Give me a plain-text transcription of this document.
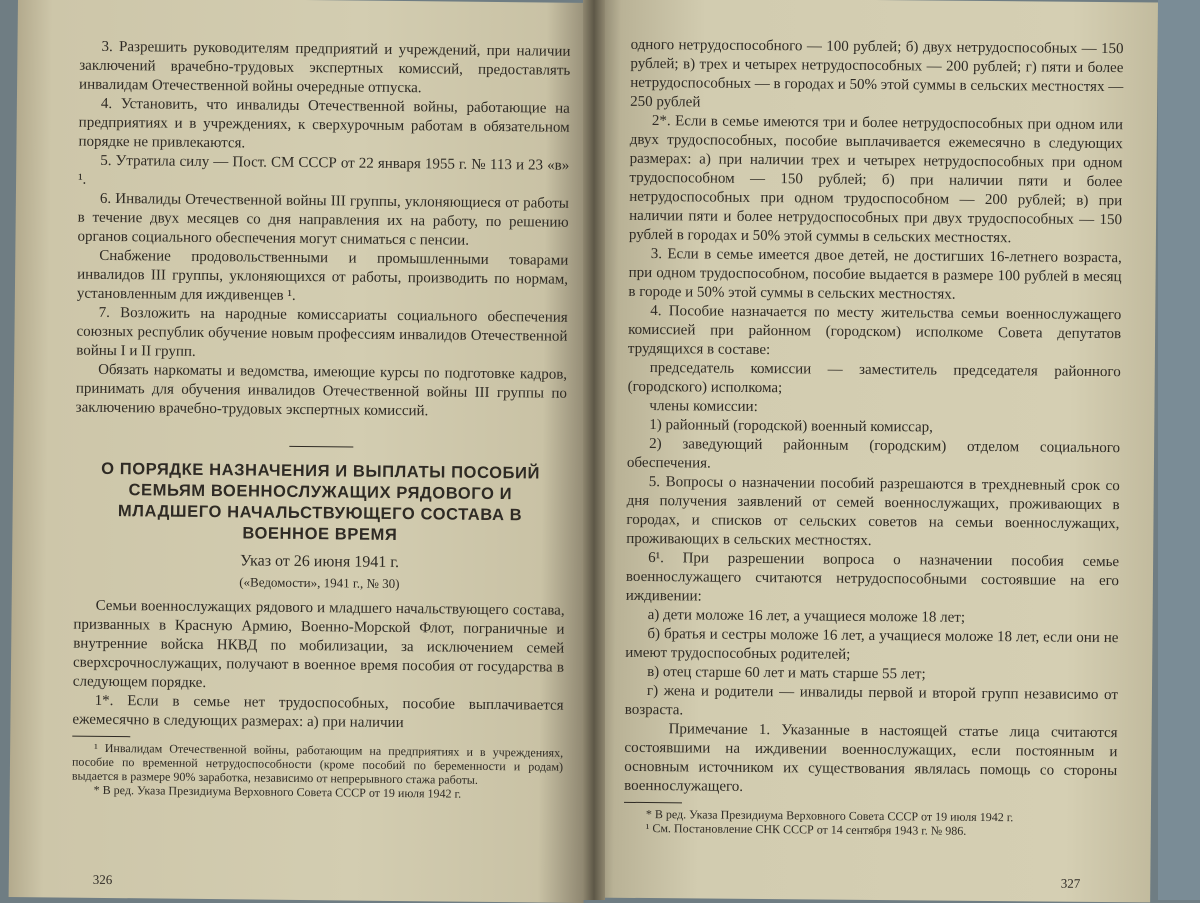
3. Разрешить руководителям предприятий и учреждений, при наличии заключений врачебно-трудовых экспертных комиссий, предоставлять инвалидам Отечественной войны очередные отпуска.

4. Установить, что инвалиды Отечественной войны, работающие на предприятиях и в учреждениях, к сверхурочным работам в обязательном порядке не привлекаются.

5. Утратила силу — Пост. СМ СССР от 22 января 1955 г. № 113 и 23 «в» ¹.

6. Инвалиды Отечественной войны III группы, уклоняющиеся от работы в течение двух месяцев со дня направления их на работу, по решению органов социального обеспечения могут сниматься с пенсии.

Снабжение продовольственными и промышленными товарами инвалидов III группы, уклоняющихся от работы, производить по нормам, установленным для иждивенцев ¹.

7. Возложить на народные комиссариаты социального обеспечения союзных республик обучение новым профессиям инвалидов Отечественной войны I и II групп.

Обязать наркоматы и ведомства, имеющие курсы по подготовке кадров, принимать для обучения инвалидов Отечественной войны III группы по заключению врачебно-трудовых экспертных комиссий.

О ПОРЯДКЕ НАЗНАЧЕНИЯ И ВЫПЛАТЫ ПОСОБИЙ СЕМЬЯМ ВОЕННОСЛУЖАЩИХ РЯДОВОГО И МЛАДШЕГО НАЧАЛЬСТВУЮЩЕГО СОСТАВА В ВОЕННОЕ ВРЕМЯ
Указ от 26 июня 1941 г.
(«Ведомости», 1941 г., № 30)

Семьи военнослужащих рядового и младшего начальствующего состава, призванных в Красную Армию, Военно-Морской Флот, пограничные и внутренние войска НКВД по мобилизации, за исключением семей сверхсрочнослужащих, получают в военное время пособия от государства в следующем порядке.

1*. Если в семье нет трудоспособных, пособие выплачивается ежемесячно в следующих размерах: а) при наличии

¹ Инвалидам Отечественной войны, работающим на предприятиях и в учреждениях, пособие по временной нетрудоспособности (кроме пособий по беременности и родам) выдается в размере 90% заработка, независимо от непрерывного стажа работы.

* В ред. Указа Президиума Верховного Совета СССР от 19 июля 1942 г.

326

одного нетрудоспособного — 100 рублей; б) двух нетрудоспособных — 150 рублей; в) трех и четырех нетрудоспособных — 200 рублей; г) пяти и более нетрудоспособных — в городах и 50% этой суммы в сельских местностях — 250 рублей

2*. Если в семье имеются три и более нетрудоспособных при одном или двух трудоспособных, пособие выплачивается ежемесячно в следующих размерах: а) при наличии трех и четырех нетрудоспособных при одном трудоспособном — 150 рублей; б) при наличии пяти и более нетрудоспособных при одном трудоспособном — 200 рублей; в) при наличии пяти и более нетрудоспособных при двух трудоспособных — 150 рублей в городах и 50% этой суммы в сельских местностях.

3. Если в семье имеется двое детей, не достигших 16-летнего возраста, при одном трудоспособном, пособие выдается в размере 100 рублей в месяц в городе и 50% этой суммы в сельских местностях.

4. Пособие назначается по месту жительства семьи военнослужащего комиссией при районном (городском) исполкоме Совета депутатов трудящихся в составе:

председатель комиссии — заместитель председателя районного (городского) исполкома;

члены комиссии:

1) районный (городской) военный комиссар,

2) заведующий районным (городским) отделом социального обеспечения.

5. Вопросы о назначении пособий разрешаются в трехдневный срок со дня получения заявлений от семей военнослужащих, проживающих в городах, и списков от сельских советов на семьи военнослужащих, проживающих в сельских местностях.

6¹. При разрешении вопроса о назначении пособия семье военнослужащего считаются нетрудоспособными состоявшие на его иждивении:

а) дети моложе 16 лет, а учащиеся моложе 18 лет;

б) братья и сестры моложе 16 лет, а учащиеся моложе 18 лет, если они не имеют трудоспособных родителей;

в) отец старше 60 лет и мать старше 55 лет;

г) жена и родители — инвалиды первой и второй групп независимо от возраста.

Примечание 1. Указанные в настоящей статье лица считаются состоявшими на иждивении военнослужащих, если постоянным и основным источником их существования являлась помощь со стороны военнослужащего.

* В ред. Указа Президиума Верховного Совета СССР от 19 июля 1942 г.

¹ См. Постановление СНК СССР от 14 сентября 1943 г. № 986.

327
